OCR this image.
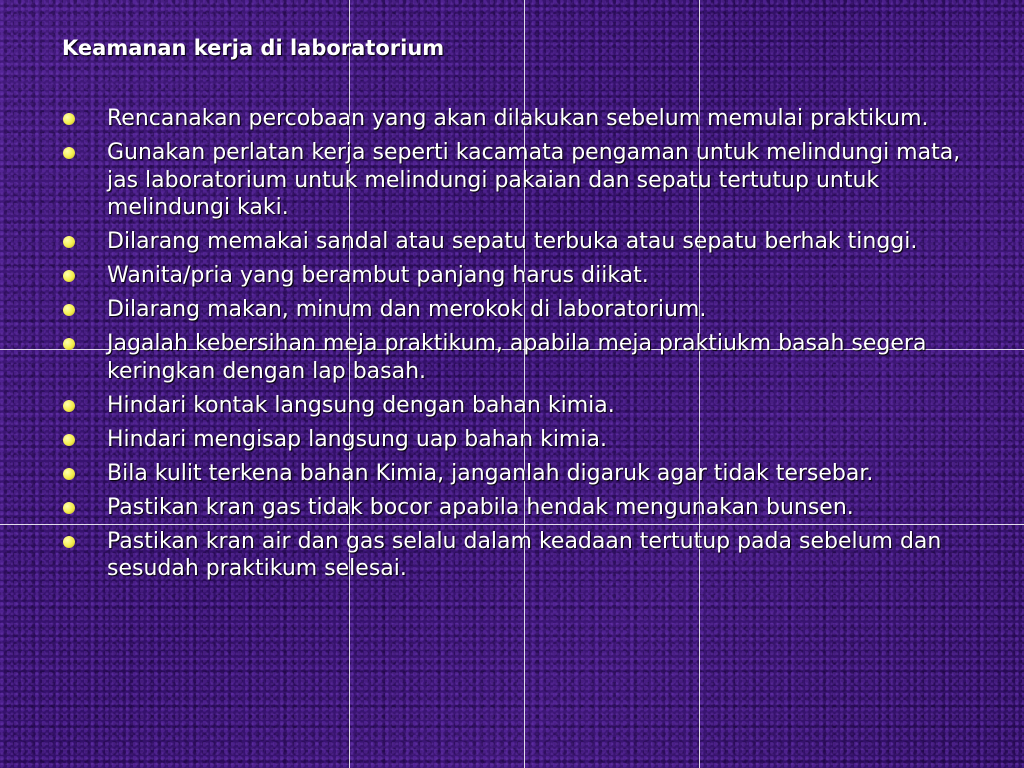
Keamanan kerja di laboratorium
Rencanakan percobaan yang akan dilakukan sebelum memulai praktikum.
Gunakan perlatan kerja seperti kacamata pengaman untuk melindungi mata, jas laboratorium untuk melindungi pakaian dan sepatu tertutup untuk melindungi kaki.
Dilarang memakai sandal atau sepatu terbuka atau sepatu berhak tinggi.
Wanita/pria yang berambut panjang harus diikat.
Dilarang makan, minum dan merokok di laboratorium.
Jagalah kebersihan meja praktikum, apabila meja praktiukm basah segera keringkan dengan lap basah.
Hindari kontak langsung dengan bahan kimia.
Hindari mengisap langsung uap bahan kimia.
Bila kulit terkena bahan Kimia, janganlah digaruk agar tidak tersebar.
Pastikan kran gas tidak bocor apabila hendak mengunakan bunsen.
Pastikan kran air dan gas selalu dalam keadaan tertutup pada sebelum dan sesudah praktikum selesai.
